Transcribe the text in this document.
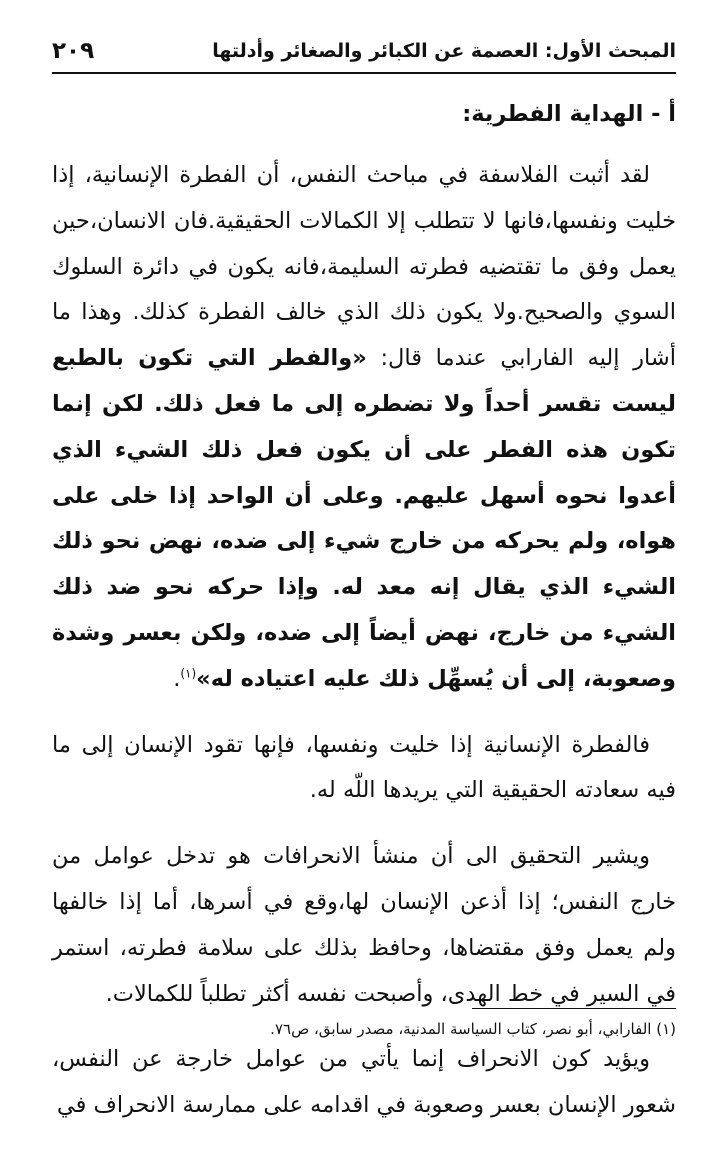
المبحث الأول: العصمة عن الكبائر والصغائر وأدلتها
٢٠٩
أ - الهداية الفطرية:

لقد أثبت الفلاسفة في مباحث النفس، أن الفطرة الإنسانية، إذا خليت ونفسها،فانها لا تتطلب إلا الكمالات الحقيقية.فان الانسان،حين يعمل وفق ما تقتضيه فطرته السليمة،فانه يكون في دائرة السلوك السوي والصحيح.ولا يكون ذلك الذي خالف الفطرة كذلك. وهذا ما أشار إليه الفارابي عندما قال: «والفطر التي تكون بالطبع ليست تقسر أحداً ولا تضطره إلى ما فعل ذلك. لكن إنما تكون هذه الفطر على أن يكون فعل ذلك الشيء الذي أعدوا نحوه أسهل عليهم. وعلى أن الواحد إذا خلى على هواه، ولم يحركه من خارج شيء إلى ضده، نهض نحو ذلك الشيء الذي يقال إنه معد له. وإذا حركه نحو ضد ذلك الشيء من خارج، نهض أيضاً إلى ضده، ولكن بعسر وشدة وصعوبة، إلى أن يُسهِّل ذلك عليه اعتياده له»$^{(١)}$.

فالفطرة الإنسانية إذا خليت ونفسها، فإنها تقود الإنسان إلى ما فيه سعادته الحقيقية التي يريدها اللّه له.

ويشير التحقيق الى أن منشأ الانحرافات هو تدخل عوامل من خارج النفس؛ إذا أذعن الإنسان لها،وقع في أسرها، أما إذا خالفها ولم يعمل وفق مقتضاها، وحافظ بذلك على سلامة فطرته، استمر في السير في خط الهدى، وأصبحت نفسه أكثر تطلباً للكمالات.

ويؤيد كون الانحراف إنما يأتي من عوامل خارجة عن النفس، شعور الإنسان بعسر وصعوبة في اقدامه على ممارسة الانحراف في

(١) الفارابي، أبو نصر، كتاب السياسة المدنية، مصدر سابق، ص٧٦.
